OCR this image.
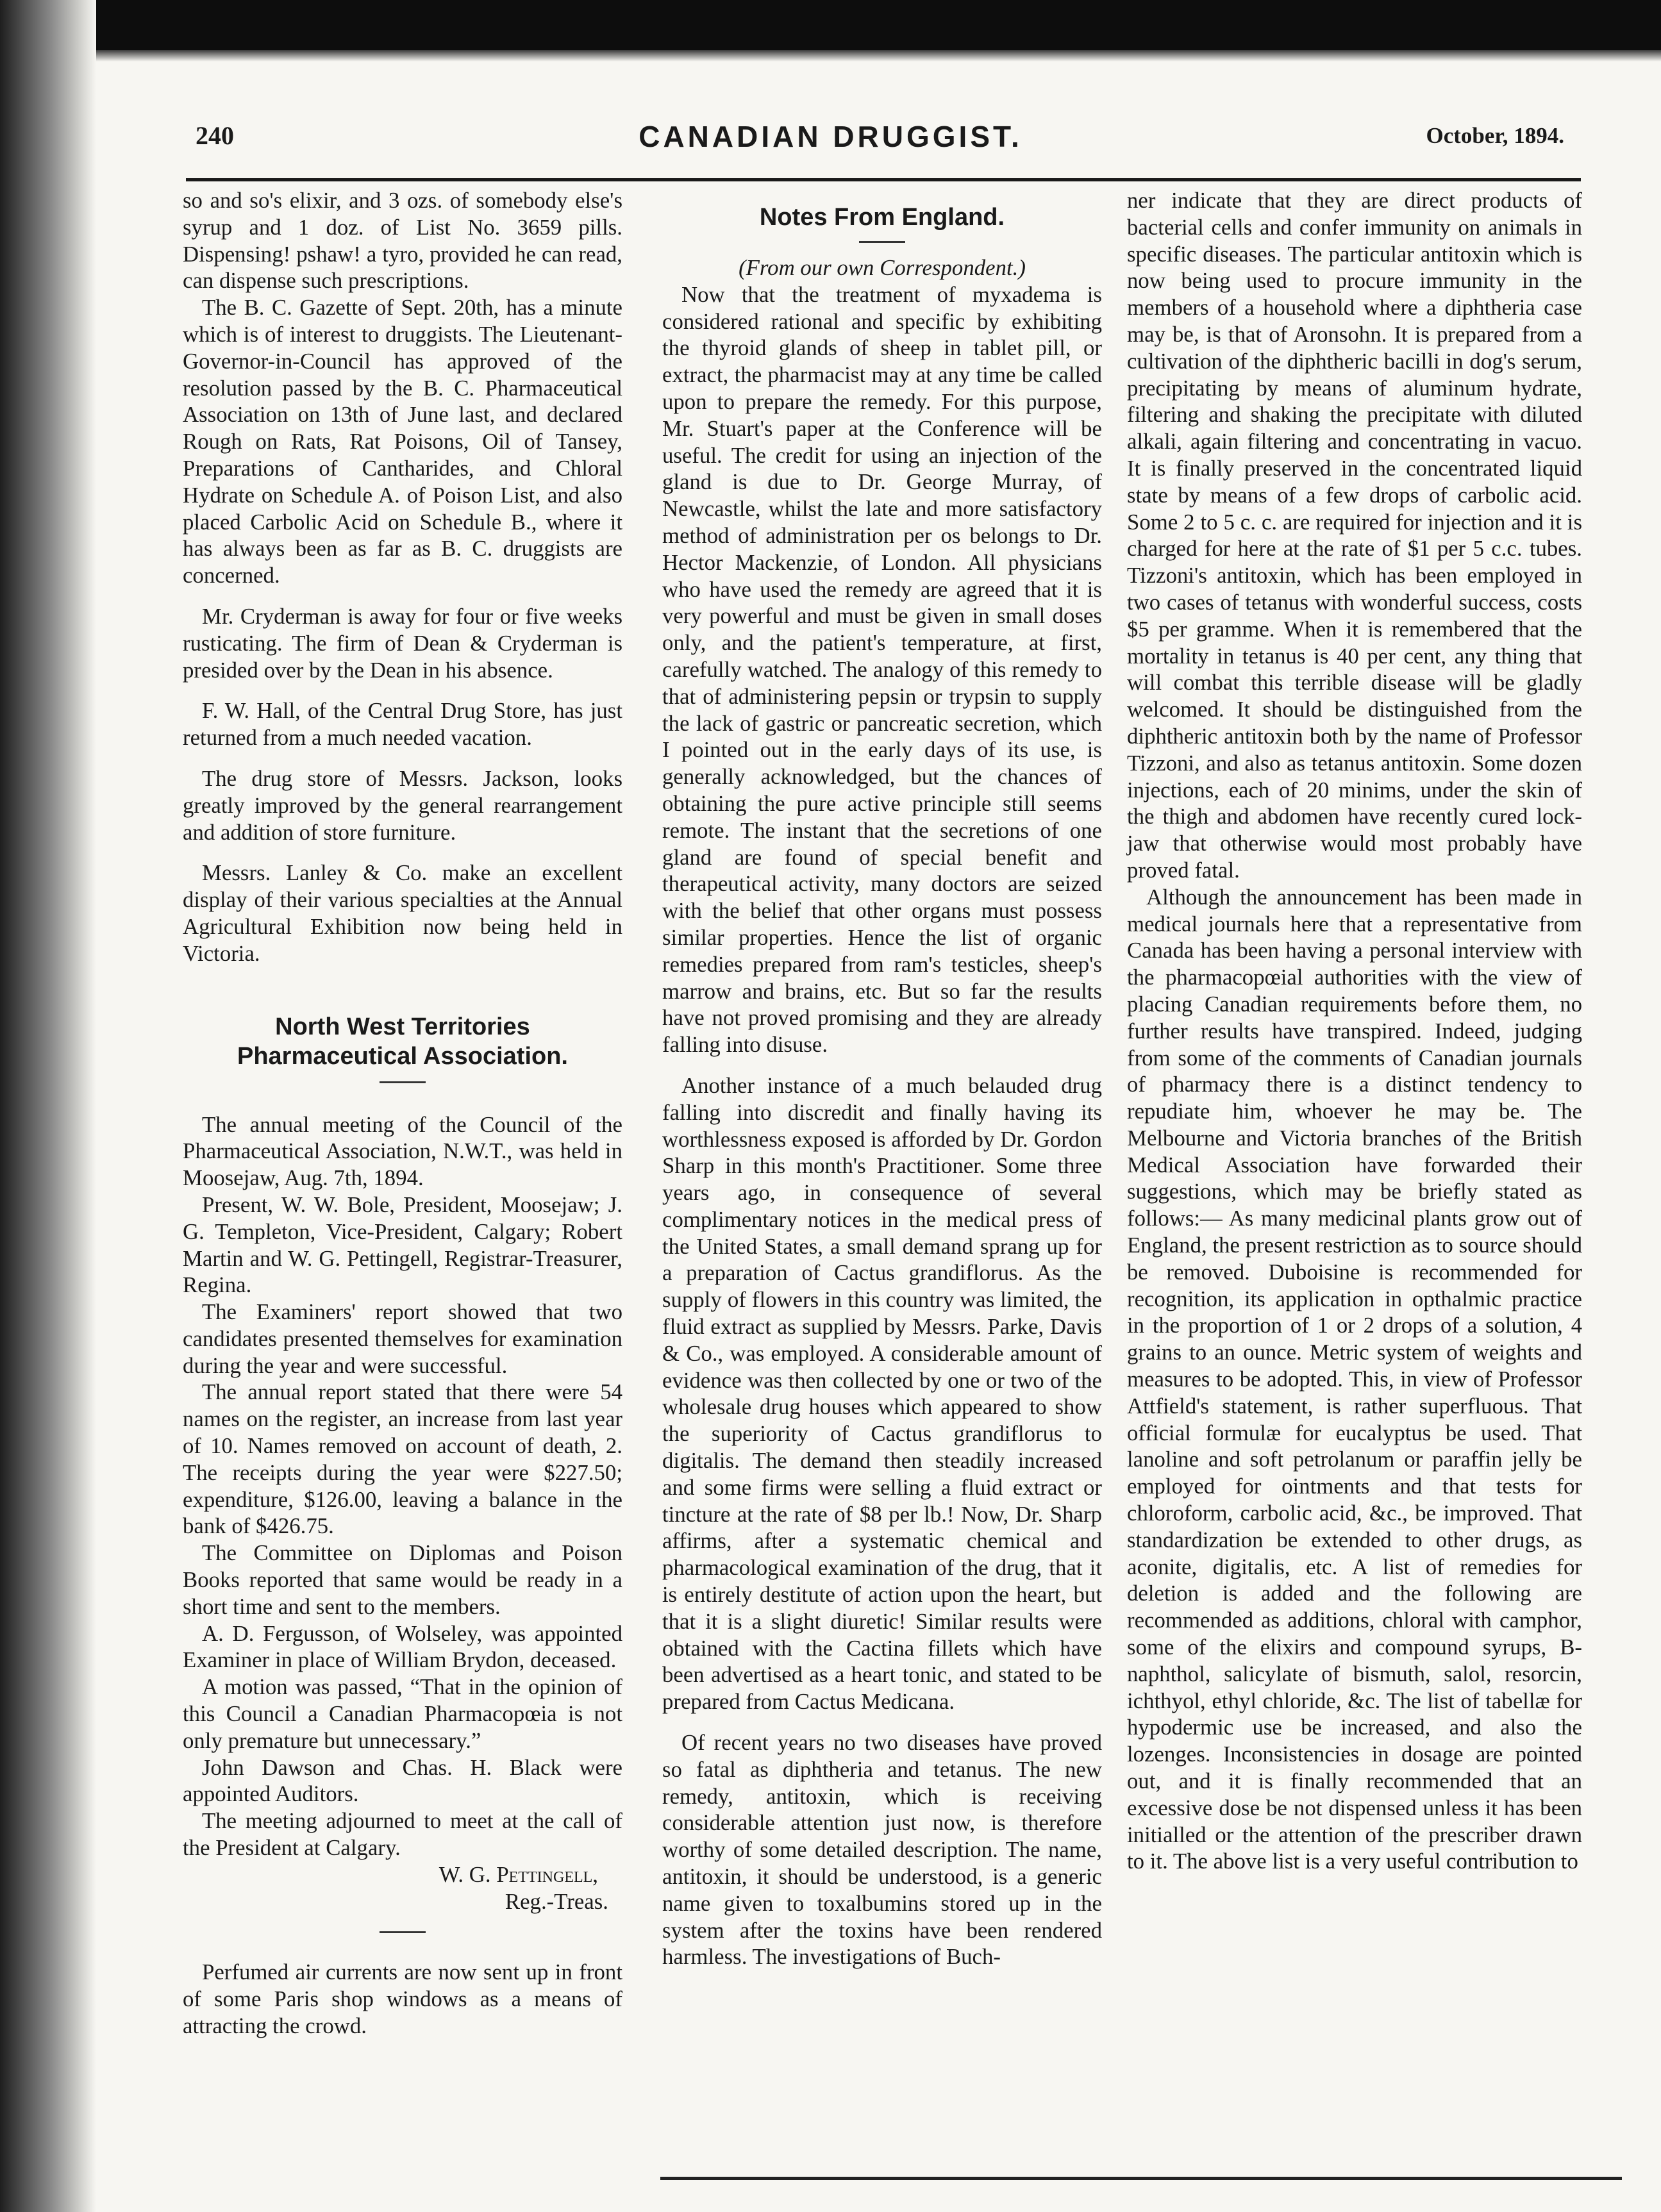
240	CANADIAN DRUGGIST.	October, 1894.

so and so's elixir, and 3 ozs. of somebody else's syrup and 1 doz. of List No. 3659 pills. Dispensing! pshaw! a tyro, provided he can read, can dispense such prescriptions.

The B. C. Gazette of Sept. 20th, has a minute which is of interest to druggists. The Lieutenant-Governor-in-Council has approved of the resolution passed by the B. C. Pharmaceutical Association on 13th of June last, and declared Rough on Rats, Rat Poisons, Oil of Tansey, Preparations of Cantharides, and Chloral Hydrate on Schedule A. of Poison List, and also placed Carbolic Acid on Schedule B., where it has always been as far as B. C. druggists are concerned.

Mr. Cryderman is away for four or five weeks rusticating. The firm of Dean & Cryderman is presided over by the Dean in his absence.

F. W. Hall, of the Central Drug Store, has just returned from a much needed vacation.

The drug store of Messrs. Jackson, looks greatly improved by the general rearrangement and addition of store furniture.

Messrs. Lanley & Co. make an excellent display of their various specialties at the Annual Agricultural Exhibition now being held in Victoria.

North West Territories Pharmaceutical Association.

The annual meeting of the Council of the Pharmaceutical Association, N.W.T., was held in Moosejaw, Aug. 7th, 1894.

Present, W. W. Bole, President, Moosejaw; J. G. Templeton, Vice-President, Calgary; Robert Martin and W. G. Pettingell, Registrar-Treasurer, Regina.

The Examiners' report showed that two candidates presented themselves for examination during the year and were successful.

The annual report stated that there were 54 names on the register, an increase from last year of 10. Names removed on account of death, 2. The receipts during the year were $227.50; expenditure, $126.00, leaving a balance in the bank of $426.75.

The Committee on Diplomas and Poison Books reported that same would be ready in a short time and sent to the members.

A. D. Fergusson, of Wolseley, was appointed Examiner in place of William Brydon, deceased.

A motion was passed, “That in the opinion of this Council a Canadian Pharmacopœia is not only premature but unnecessary.”

John Dawson and Chas. H. Black were appointed Auditors.

The meeting adjourned to meet at the call of the President at Calgary.

W. G. Pettingell,

Reg.-Treas.

Perfumed air currents are now sent up in front of some Paris shop windows as a means of attracting the crowd.

Notes From England.

(From our own Correspondent.)

Now that the treatment of myxadema is considered rational and specific by exhibiting the thyroid glands of sheep in tablet pill, or extract, the pharmacist may at any time be called upon to prepare the remedy. For this purpose, Mr. Stuart's paper at the Conference will be useful. The credit for using an injection of the gland is due to Dr. George Murray, of Newcastle, whilst the late and more satisfactory method of administration per os belongs to Dr. Hector Mackenzie, of London. All physicians who have used the remedy are agreed that it is very powerful and must be given in small doses only, and the patient's temperature, at first, carefully watched. The analogy of this remedy to that of administering pepsin or trypsin to supply the lack of gastric or pancreatic secretion, which I pointed out in the early days of its use, is generally acknowledged, but the chances of obtaining the pure active principle still seems remote. The instant that the secretions of one gland are found of special benefit and therapeutical activity, many doctors are seized with the belief that other organs must possess similar properties. Hence the list of organic remedies prepared from ram's testicles, sheep's marrow and brains, etc. But so far the results have not proved promising and they are already falling into disuse.

Another instance of a much belauded drug falling into discredit and finally having its worthlessness exposed is afforded by Dr. Gordon Sharp in this month's Practitioner. Some three years ago, in consequence of several complimentary notices in the medical press of the United States, a small demand sprang up for a preparation of Cactus grandiflorus. As the supply of flowers in this country was limited, the fluid extract as supplied by Messrs. Parke, Davis & Co., was employed. A considerable amount of evidence was then collected by one or two of the wholesale drug houses which appeared to show the superiority of Cactus grandiflorus to digitalis. The demand then steadily increased and some firms were selling a fluid extract or tincture at the rate of $8 per lb.! Now, Dr. Sharp affirms, after a systematic chemical and pharmacological examination of the drug, that it is entirely destitute of action upon the heart, but that it is a slight diuretic! Similar results were obtained with the Cactina fillets which have been advertised as a heart tonic, and stated to be prepared from Cactus Medicana.

Of recent years no two diseases have proved so fatal as diphtheria and tetanus. The new remedy, antitoxin, which is receiving considerable attention just now, is therefore worthy of some detailed description. The name, antitoxin, it should be understood, is a generic name given to toxalbumins stored up in the system after the toxins have been rendered harmless. The investigations of Buch-

ner indicate that they are direct products of bacterial cells and confer immunity on animals in specific diseases. The particular antitoxin which is now being used to procure immunity in the members of a household where a diphtheria case may be, is that of Aronsohn. It is prepared from a cultivation of the diphtheric bacilli in dog's serum, precipitating by means of aluminum hydrate, filtering and shaking the precipitate with diluted alkali, again filtering and concentrating in vacuo. It is finally preserved in the concentrated liquid state by means of a few drops of carbolic acid. Some 2 to 5 c. c. are required for injection and it is charged for here at the rate of $1 per 5 c.c. tubes. Tizzoni's antitoxin, which has been employed in two cases of tetanus with wonderful success, costs $5 per gramme. When it is remembered that the mortality in tetanus is 40 per cent, any thing that will combat this terrible disease will be gladly welcomed. It should be distinguished from the diphtheric antitoxin both by the name of Professor Tizzoni, and also as tetanus antitoxin. Some dozen injections, each of 20 minims, under the skin of the thigh and abdomen have recently cured lock-jaw that otherwise would most probably have proved fatal.

Although the announcement has been made in medical journals here that a representative from Canada has been having a personal interview with the pharmacopœial authorities with the view of placing Canadian requirements before them, no further results have transpired. Indeed, judging from some of the comments of Canadian journals of pharmacy there is a distinct tendency to repudiate him, whoever he may be. The Melbourne and Victoria branches of the British Medical Association have forwarded their suggestions, which may be briefly stated as follows:— As many medicinal plants grow out of England, the present restriction as to source should be removed. Duboisine is recommended for recognition, its application in opthalmic practice in the proportion of 1 or 2 drops of a solution, 4 grains to an ounce. Metric system of weights and measures to be adopted. This, in view of Professor Attfield's statement, is rather superfluous. That official formulæ for eucalyptus be used. That lanoline and soft petrolanum or paraffin jelly be employed for ointments and that tests for chloroform, carbolic acid, &c., be improved. That standardization be extended to other drugs, as aconite, digitalis, etc. A list of remedies for deletion is added and the following are recommended as additions, chloral with camphor, some of the elixirs and compound syrups, B-naphthol, salicylate of bismuth, salol, resorcin, ichthyol, ethyl chloride, &c. The list of tabellæ for hypodermic use be increased, and also the lozenges. Inconsistencies in dosage are pointed out, and it is finally recommended that an excessive dose be not dispensed unless it has been initialled or the attention of the prescriber drawn to it. The above list is a very useful contribution to
